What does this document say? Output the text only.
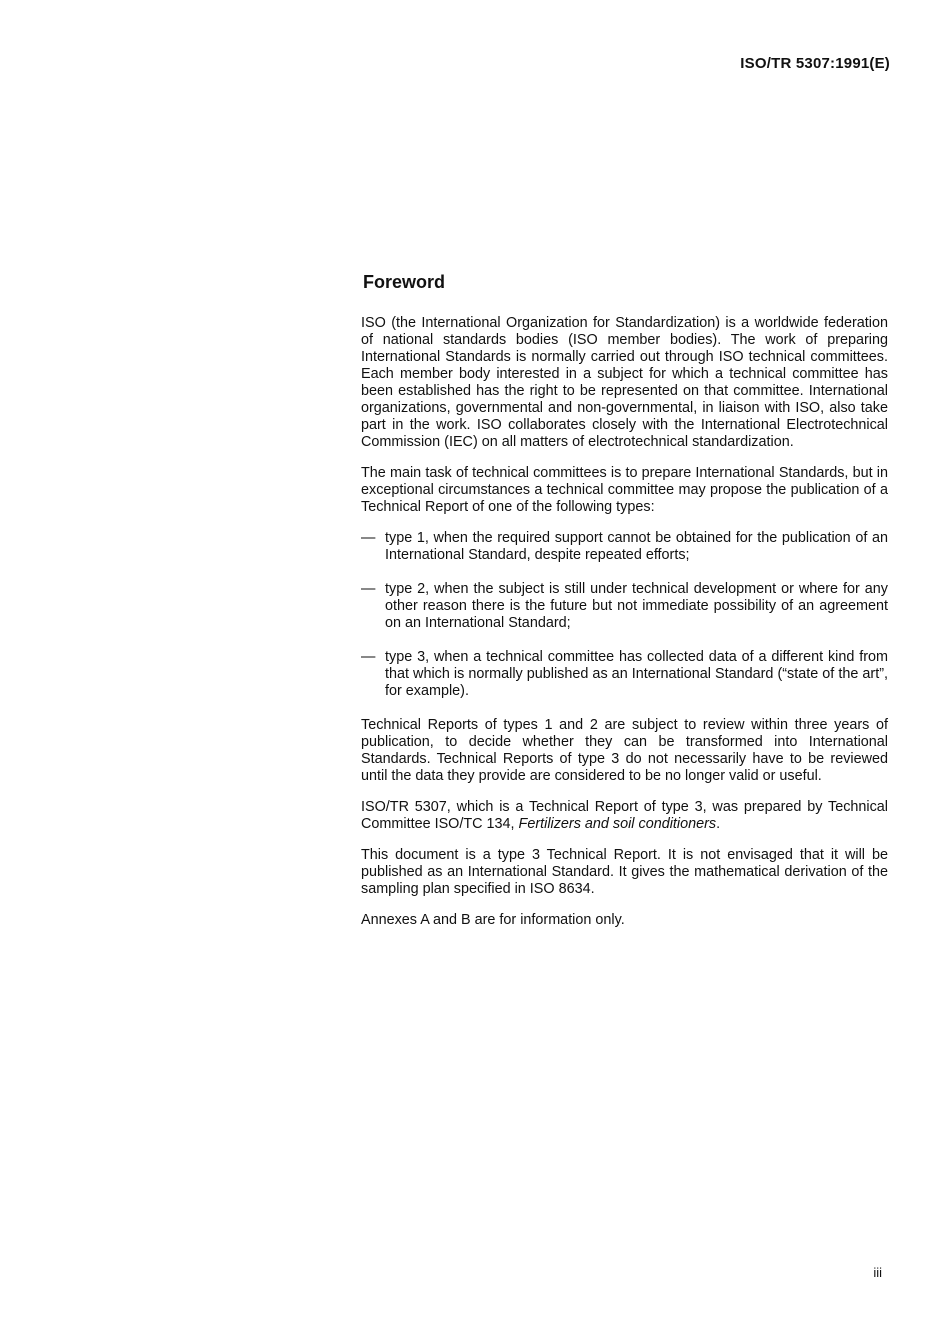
ISO/TR 5307:1991(E)
Foreword

ISO (the International Organization for Standardization) is a worldwide federation of national standards bodies (ISO member bodies). The work of preparing International Standards is normally carried out through ISO technical committees. Each member body interested in a subject for which a technical committee has been established has the right to be represented on that committee. International organizations, governmental and non-governmental, in liaison with ISO, also take part in the work. ISO collaborates closely with the International Electrotechnical Commission (IEC) on all matters of electrotechnical standardization.

The main task of technical committees is to prepare International Standards, but in exceptional circumstances a technical committee may propose the publication of a Technical Report of one of the following types:

— type 1, when the required support cannot be obtained for the publication of an International Standard, despite repeated efforts;
— type 2, when the subject is still under technical development or where for any other reason there is the future but not immediate possibility of an agreement on an International Standard;
— type 3, when a technical committee has collected data of a different kind from that which is normally published as an International Standard (“state of the art”, for example).

Technical Reports of types 1 and 2 are subject to review within three years of publication, to decide whether they can be transformed into International Standards. Technical Reports of type 3 do not necessarily have to be reviewed until the data they provide are considered to be no longer valid or useful.

ISO/TR 5307, which is a Technical Report of type 3, was prepared by Technical Committee ISO/TC 134, Fertilizers and soil conditioners.

This document is a type 3 Technical Report. It is not envisaged that it will be published as an International Standard. It gives the mathematical derivation of the sampling plan specified in ISO 8634.

Annexes A and B are for information only.

iii
